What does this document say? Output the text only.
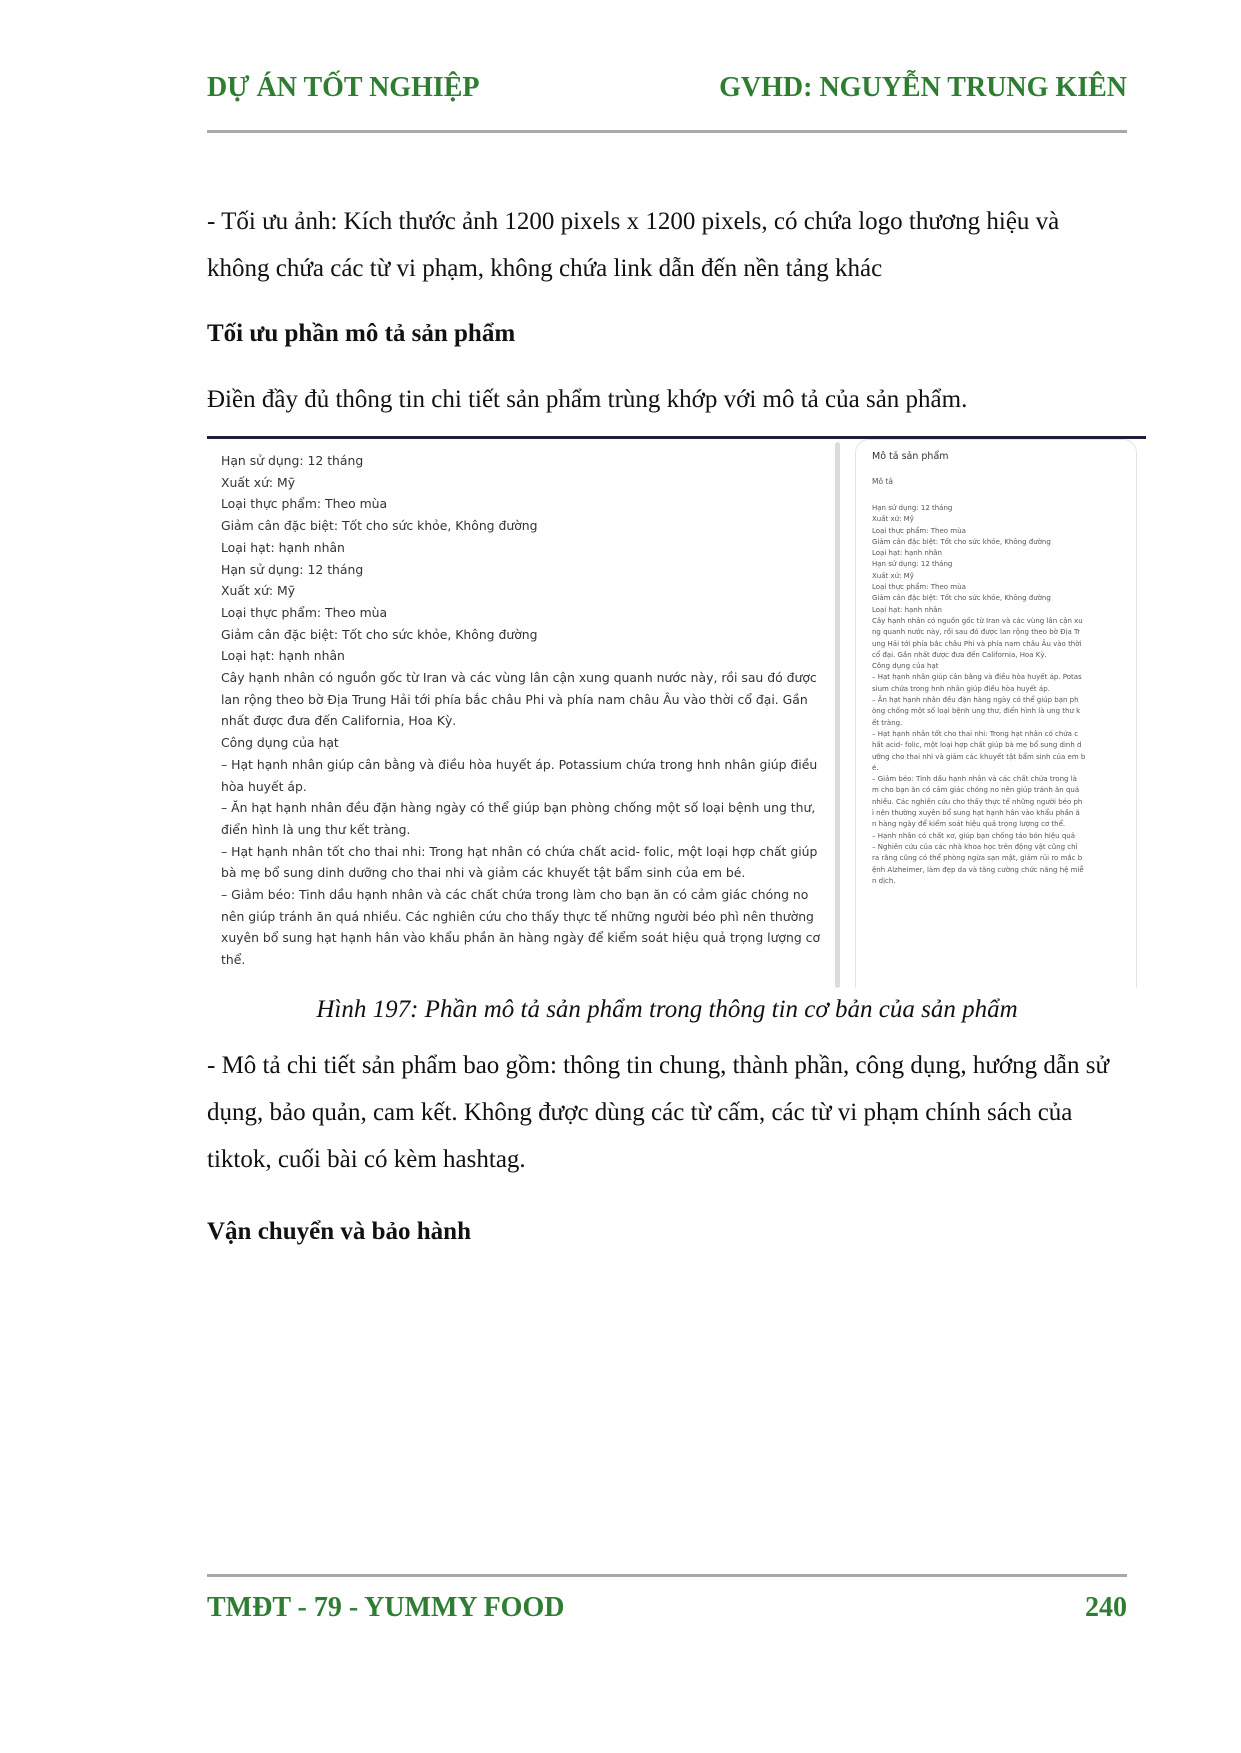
DỰ ÁN TỐT NGHIỆP	GVHD: NGUYỄN TRUNG KIÊN

- Tối ưu ảnh: Kích thước ảnh 1200 pixels x 1200 pixels, có chứa logo thương hiệu và không chứa các từ vi phạm, không chứa link dẫn đến nền tảng khác

Tối ưu phần mô tả sản phẩm

Điền đầy đủ thông tin chi tiết sản phẩm trùng khớp với mô tả của sản phẩm.

Hạn sử dụng: 12 tháng
Xuất xứ: Mỹ
Loại thực phẩm: Theo mùa
Giảm cân đặc biệt: Tốt cho sức khỏe, Không đường
Loại hạt: hạnh nhân
Hạn sử dụng: 12 tháng
Xuất xứ: Mỹ
Loại thực phẩm: Theo mùa
Giảm cân đặc biệt: Tốt cho sức khỏe, Không đường
Loại hạt: hạnh nhân
Cây hạnh nhân có nguồn gốc từ Iran và các vùng lân cận xung quanh nước này, rồi sau đó được
lan rộng theo bờ Địa Trung Hải tới phía bắc châu Phi và phía nam châu Âu vào thời cổ đại. Gần
nhất được đưa đến California, Hoa Kỳ.
Công dụng của hạt
– Hạt hạnh nhân giúp cân bằng và điều hòa huyết áp. Potassium chứa trong hnh nhân giúp điều
hòa huyết áp.
– Ăn hạt hạnh nhân đều đặn hàng ngày có thể giúp bạn phòng chống một số loại bệnh ung thư,
điển hình là ung thư kết tràng.
– Hạt hạnh nhân tốt cho thai nhi: Trong hạt nhân có chứa chất acid- folic, một loại hợp chất giúp
bà mẹ bổ sung dinh dưỡng cho thai nhi và giảm các khuyết tật bẩm sinh của em bé.
– Giảm béo: Tinh dầu hạnh nhân và các chất chứa trong làm cho bạn ăn có cảm giác chóng no
nên giúp tránh ăn quá nhiều. Các nghiên cứu cho thấy thực tế những người béo phì nên thường
xuyên bổ sung hạt hạnh hân vào khẩu phần ăn hàng ngày để kiểm soát hiệu quả trọng lượng cơ
thể.
Mô tả sản phẩm
Mô tả
Hạn sử dụng: 12 tháng
Xuất xứ: Mỹ
Loại thực phẩm: Theo mùa
Giảm cân đặc biệt: Tốt cho sức khỏe, Không đường
Loại hạt: hạnh nhân
Hạn sử dụng: 12 tháng
Xuất xứ: Mỹ
Loại thực phẩm: Theo mùa
Giảm cân đặc biệt: Tốt cho sức khỏe, Không đường
Loại hạt: hạnh nhân
Cây hạnh nhân có nguồn gốc từ Iran và các vùng lân cận xu
ng quanh nước này, rồi sau đó được lan rộng theo bờ Địa Tr
ung Hải tới phía bắc châu Phi và phía nam châu Âu vào thời
cổ đại. Gần nhất được đưa đến California, Hoa Kỳ.
Công dụng của hạt
– Hạt hạnh nhân giúp cân bằng và điều hòa huyết áp. Potas
sium chứa trong hnh nhân giúp điều hòa huyết áp.
– Ăn hạt hạnh nhân đều đặn hàng ngày có thể giúp bạn ph
òng chống một số loại bệnh ung thư, điển hình là ung thư k
ết tràng.
– Hạt hạnh nhân tốt cho thai nhi: Trong hạt nhân có chứa c
hất acid- folic, một loại hợp chất giúp bà mẹ bổ sung dinh d
ưỡng cho thai nhi và giảm các khuyết tật bẩm sinh của em b
é.
– Giảm béo: Tinh dầu hạnh nhân và các chất chứa trong là
m cho bạn ăn có cảm giác chóng no nên giúp tránh ăn quá
nhiều. Các nghiên cứu cho thấy thực tế những người béo ph
ì nên thường xuyên bổ sung hạt hạnh hân vào khẩu phần ă
n hàng ngày để kiểm soát hiệu quả trọng lượng cơ thể.
– Hạnh nhân có chất xơ, giúp bạn chống táo bón hiệu quả
– Nghiên cứu của các nhà khoa học trên động vật cũng chỉ
ra rằng cũng có thể phòng ngừa sạn mật, giảm rủi ro mắc b
ệnh Alzheimer, làm đẹp da và tăng cường chức năng hệ miễ
n dịch.
Hình 197: Phần mô tả sản phẩm trong thông tin cơ bản của sản phẩm

- Mô tả chi tiết sản phẩm bao gồm: thông tin chung, thành phần, công dụng, hướng dẫn sử dụng, bảo quản, cam kết. Không được dùng các từ cấm, các từ vi phạm chính sách của tiktok, cuối bài có kèm hashtag.

Vận chuyển và bảo hành

TMĐT - 79 - YUMMY FOOD	240
